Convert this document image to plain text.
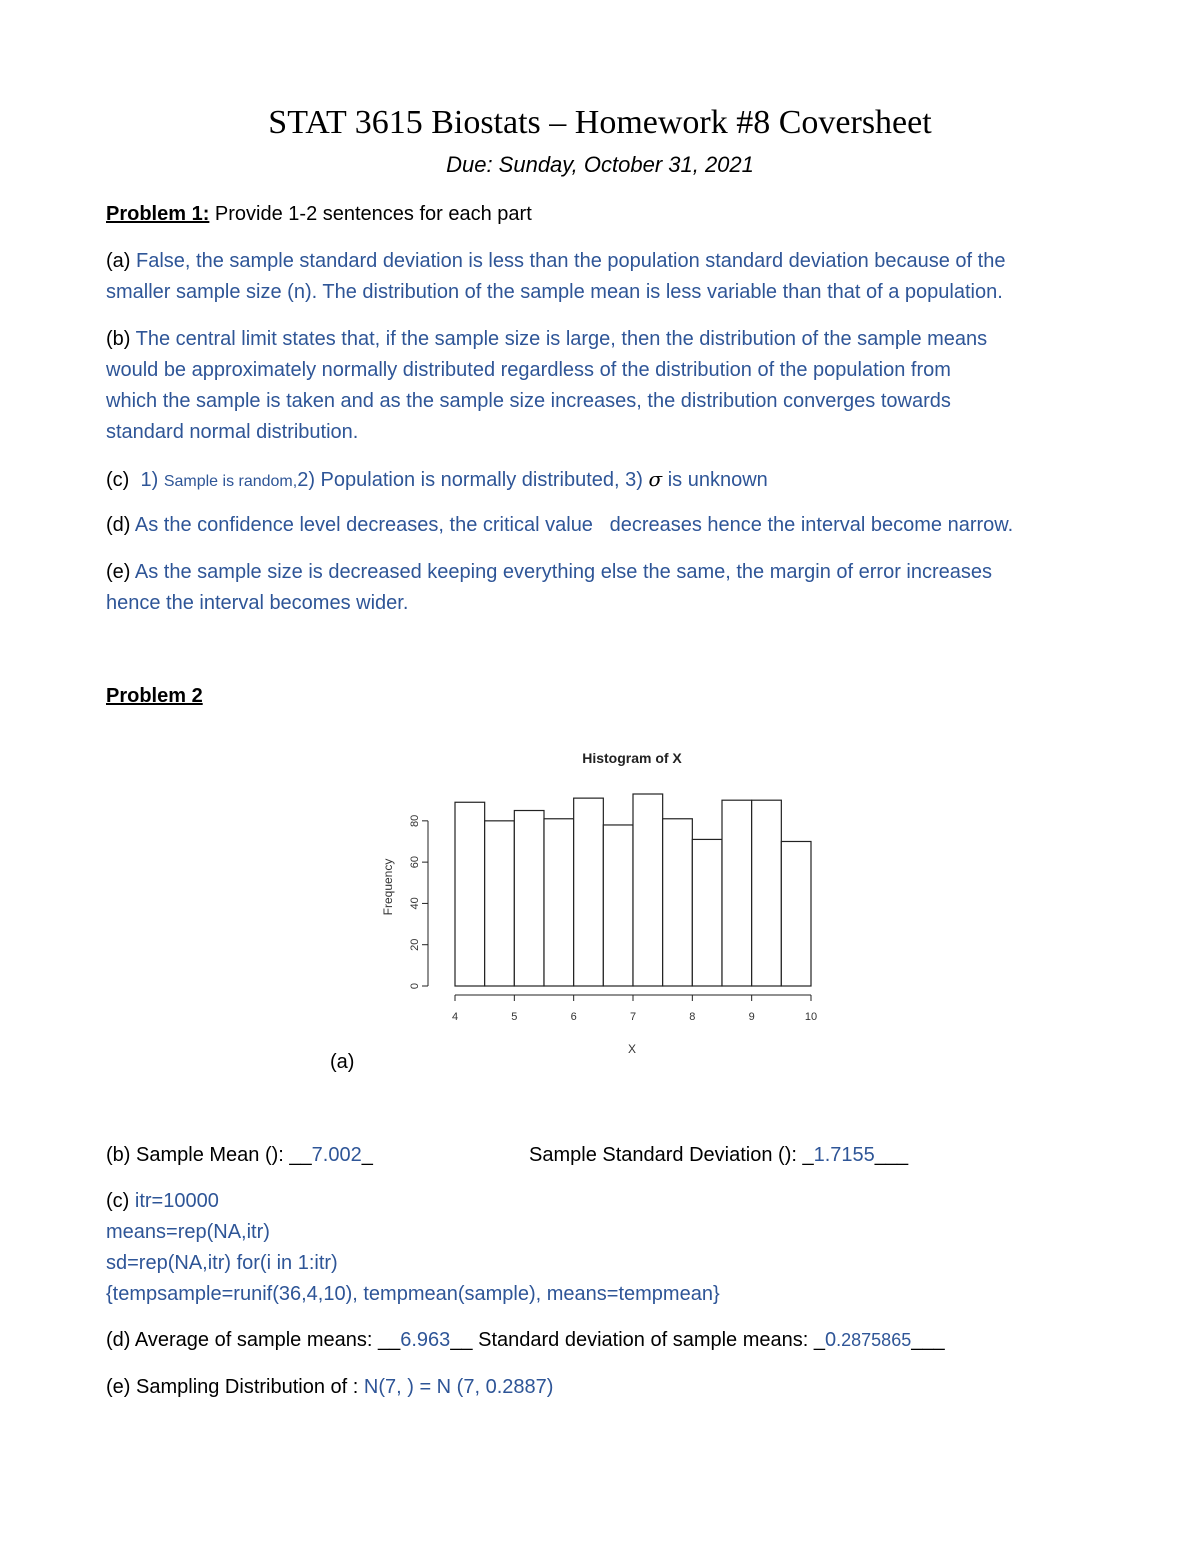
STAT 3615 Biostats – Homework #8 Coversheet
Due: Sunday, October 31, 2021
Problem 1: Provide 1-2 sentences for each part
(a) False, the sample standard deviation is less than the population standard deviation because of the
smaller sample size (n). The distribution of the sample mean is less variable than that of a population.
(b) The central limit states that, if the sample size is large, then the distribution of the sample means
would be approximately normally distributed regardless of the distribution of the population from
which the sample is taken and as the sample size increases, the distribution converges towards
standard normal distribution.
(c) 1) Sample is random,2) Population is normally distributed, 3) σ is unknown
(d) As the confidence level decreases, the critical value   decreases hence the interval become narrow.
(e) As the sample size is decreased keeping everything else the same, the margin of error increases
hence the interval becomes wider.
Problem 2
Histogram of X
Frequency
X
4	5	6	7	8	9	10
0
20
40
60
80
(a)
(b) Sample Mean (): __7.002_	Sample Standard Deviation (): _1.7155___
(c) itr=10000
means=rep(NA,itr)
sd=rep(NA,itr) for(i in 1:itr)
{tempsample=runif(36,4,10), tempmean(sample), means=tempmean}
(d) Average of sample means: __6.963__ Standard deviation of sample means: _0.2875865___
(e) Sampling Distribution of : N(7, ) = N (7, 0.2887)
